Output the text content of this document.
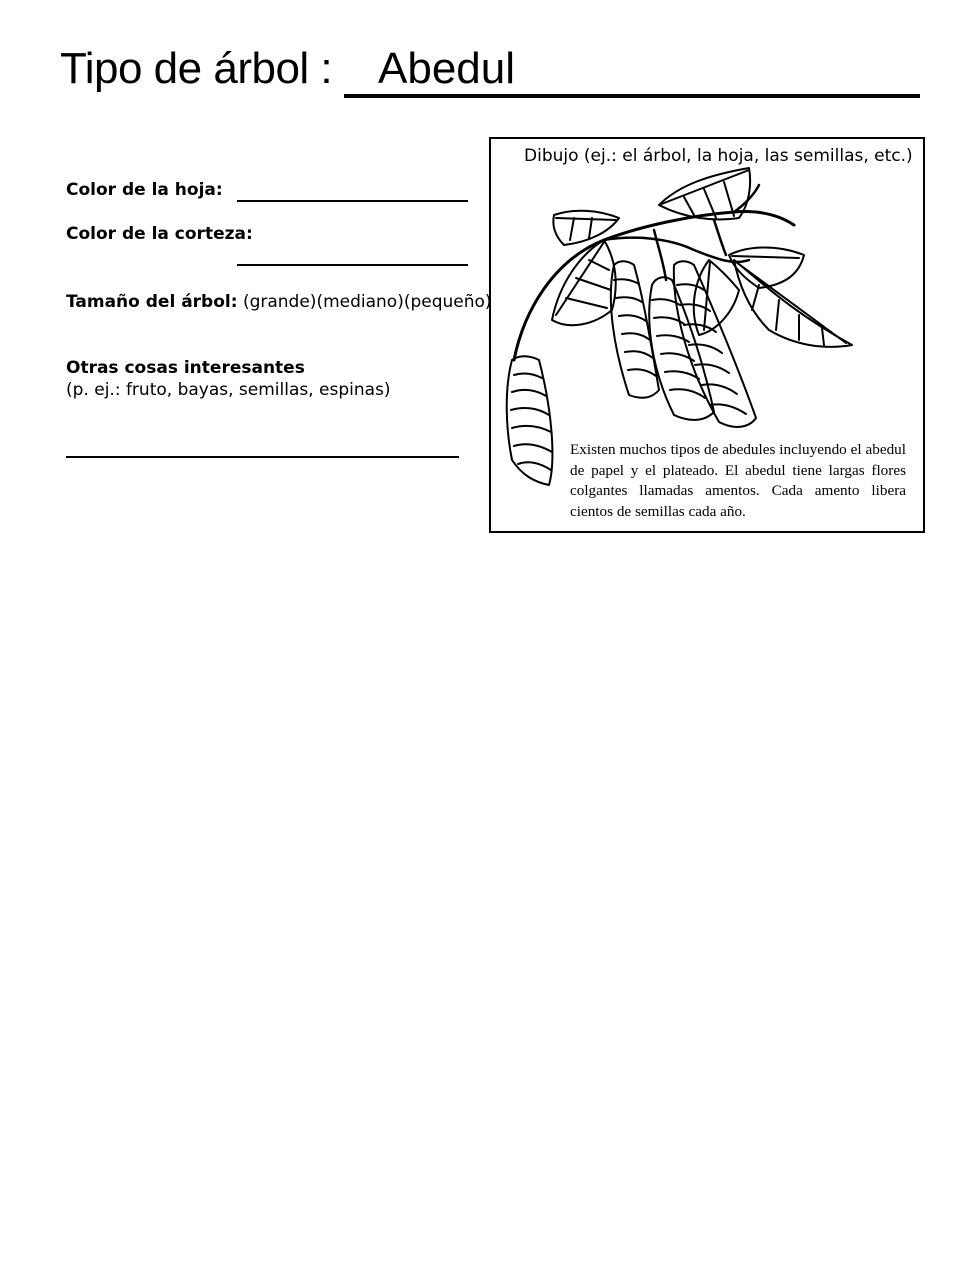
Tipo de árbol : Abedul
Color de la hoja:
Color de la corteza:
Tamaño del árbol: (grande)(mediano)(pequeño)
Otras cosas interesantes
(p. ej.: fruto, bayas, semillas, espinas)
Dibujo (ej.: el árbol, la hoja, las semillas, etc.)
Existen muchos tipos de abedules incluyendo el abedul de papel y el plateado. El abedul tiene largas flores colgantes llamadas amentos. Cada amento libera cientos de semillas cada año.
